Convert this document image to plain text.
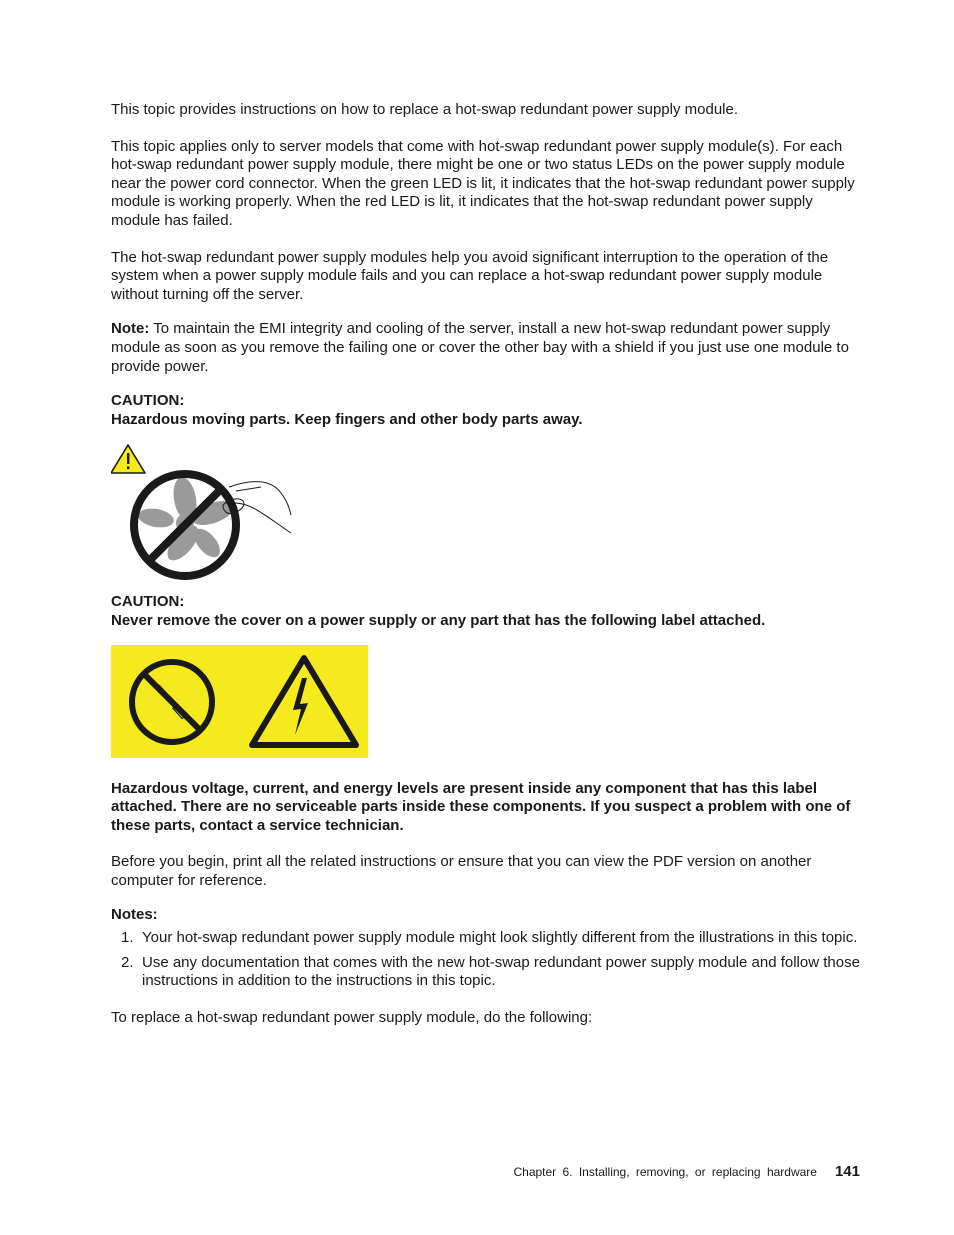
This topic provides instructions on how to replace a hot-swap redundant power supply module.

This topic applies only to server models that come with hot-swap redundant power supply module(s). For each hot-swap redundant power supply module, there might be one or two status LEDs on the power supply module near the power cord connector. When the green LED is lit, it indicates that the hot-swap redundant power supply module is working properly. When the red LED is lit, it indicates that the hot-swap redundant power supply module has failed.

The hot-swap redundant power supply modules help you avoid significant interruption to the operation of the system when a power supply module fails and you can replace a hot-swap redundant power supply module without turning off the server.

Note: To maintain the EMI integrity and cooling of the server, install a new hot-swap redundant power supply module as soon as you remove the failing one or cover the other bay with a shield if you just use one module to provide power.

CAUTION:

Hazardous moving parts. Keep fingers and other body parts away.

CAUTION:

Never remove the cover on a power supply or any part that has the following label attached.

Hazardous voltage, current, and energy levels are present inside any component that has this label attached. There are no serviceable parts inside these components. If you suspect a problem with one of these parts, contact a service technician.

Before you begin, print all the related instructions or ensure that you can view the PDF version on another computer for reference.

Notes:

1. Your hot-swap redundant power supply module might look slightly different from the illustrations in this topic.
2. Use any documentation that comes with the new hot-swap redundant power supply module and follow those instructions in addition to the instructions in this topic.

To replace a hot-swap redundant power supply module, do the following:

Chapter 6. Installing, removing, or replacing hardware 141
